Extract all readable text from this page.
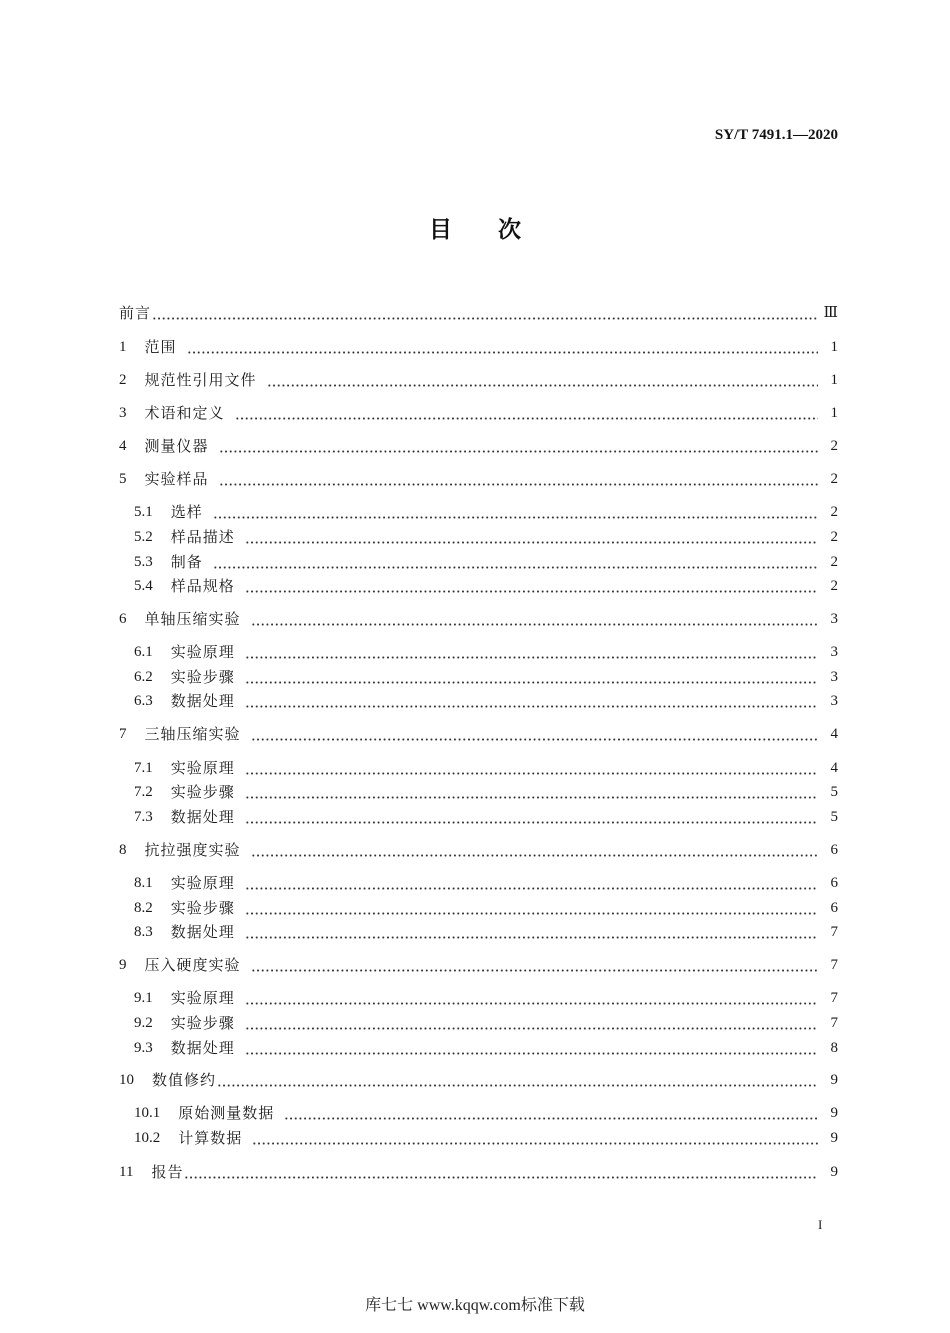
SY/T 7491.1—2020
目　　次
前言	Ⅲ
1 范围	1
2 规范性引用文件	1
3 术语和定义	1
4 测量仪器	2
5 实验样品	2
5.1 选样	2
5.2 样品描述	2
5.3 制备	2
5.4 样品规格	2
6 单轴压缩实验	3
6.1 实验原理	3
6.2 实验步骤	3
6.3 数据处理	3
7 三轴压缩实验	4
7.1 实验原理	4
7.2 实验步骤	5
7.3 数据处理	5
8 抗拉强度实验	6
8.1 实验原理	6
8.2 实验步骤	6
8.3 数据处理	7
9 压入硬度实验	7
9.1 实验原理	7
9.2 实验步骤	7
9.3 数据处理	8
10 数值修约	9
10.1 原始测量数据	9
10.2 计算数据	9
11 报告	9
I
库七七 www.kqqw.com标准下载
